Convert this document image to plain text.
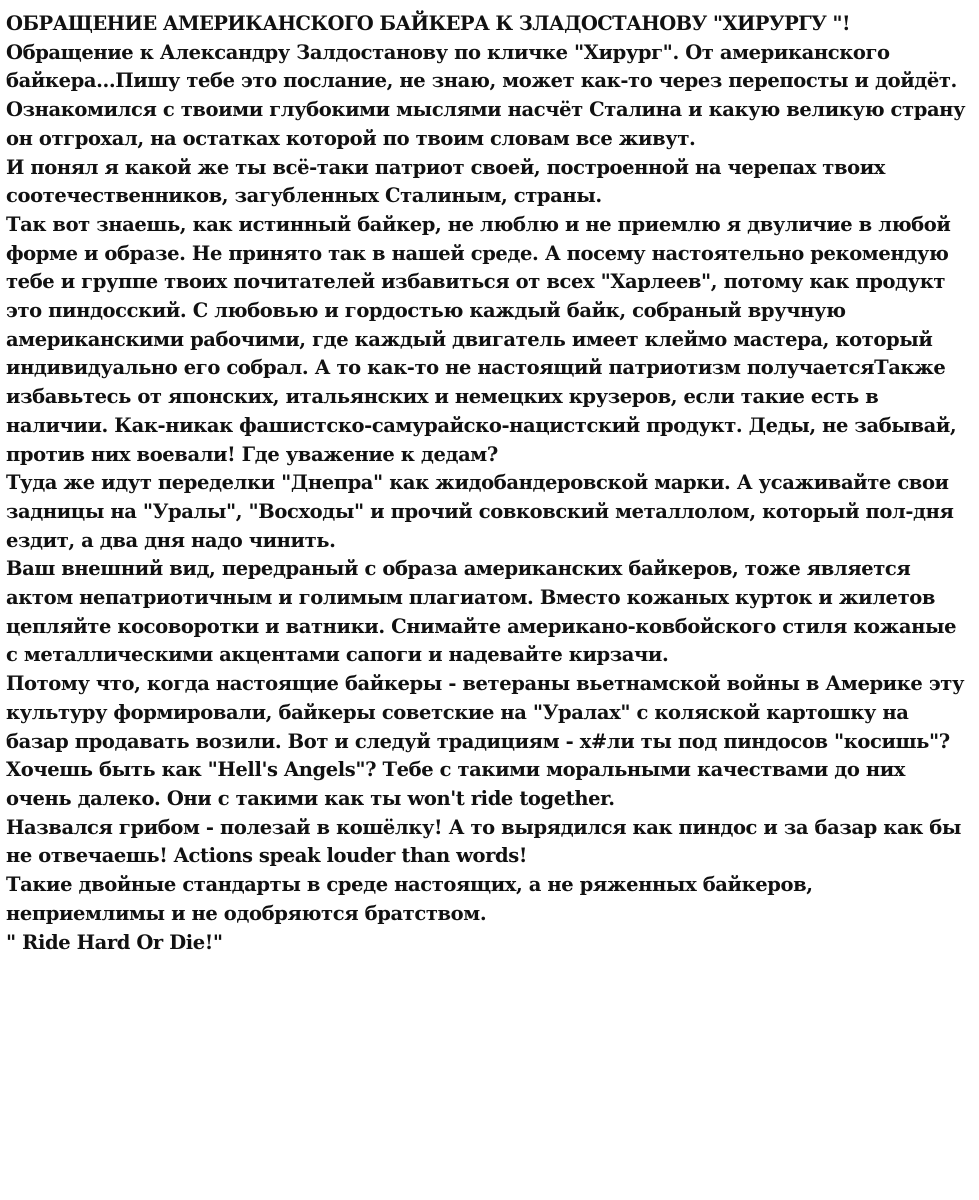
ОБРАЩЕНИЕ АМЕРИКАНСКОГО БАЙКЕРА К ЗЛАДОСТАНОВУ "ХИРУРГУ "!

Обращение к Александру Залдостанову по кличке "Хирург". От американского байкера...Пишу тебе это послание, не знаю, может как-то через перепосты и дойдёт.

Ознакомился с твоими глубокими мыслями насчёт Сталина и какую великую страну он отгрохал, на остатках которой по твоим словам все живут.

И понял я какой же ты всё-таки патриот своей, построенной на черепах твоих соотечественников, загубленных Сталиным, страны.

Так вот знаешь, как истинный байкер, не люблю и не приемлю я двуличие в любой форме и образе. Не принято так в нашей среде. А посему настоятельно рекомендую тебе и группе твоих почитателей избавиться от всех "Харлеев", потому как продукт это пиндосский. С любовью и гордостью каждый байк, собраный вручную американскими рабочими, где каждый двигатель имеет клеймо мастера, который индивидуально его собрал. А то как-то не настоящий патриотизм получаетсяТакже избавьтесь от японских, итальянских и немецких крузеров, если такие есть в наличии. Как-никак фашистско-самурайско-нацистский продукт. Деды, не забывай, против них воевали! Где уважение к дедам?

Туда же идут переделки "Днепра" как жидобандеровской марки. А усаживайте свои задницы на "Уралы", "Восходы" и прочий совковский металлолом, который пол-дня ездит, а два дня надо чинить.

Ваш внешний вид, передраный с образа американских байкеров, тоже является актом непатриотичным и голимым плагиатом. Вместо кожаных курток и жилетов цепляйте косоворотки и ватники. Снимайте американо-ковбойского стиля кожаные с металлическими акцентами сапоги и надевайте кирзачи.

Потому что, когда настоящие байкеры - ветераны вьетнамской войны в Америке эту культуру формировали, байкеры советские на "Уралах" с коляской картошку на базар продавать возили. Вот и следуй традициям - х#ли ты под пиндосов "косишь"? Хочешь быть как "Hell's Angels"? Тебе с такими моральными качествами до них очень далеко. Они с такими как ты won't ride together.

Назвался грибом - полезай в кошёлку! А то вырядился как пиндос и за базар как бы не отвечаешь! Actions speak louder than words!

Такие двойные стандарты в среде настоящих, а не ряженных байкеров, неприемлимы и не одобряются братством.

" Ride Hard Or Die!"
